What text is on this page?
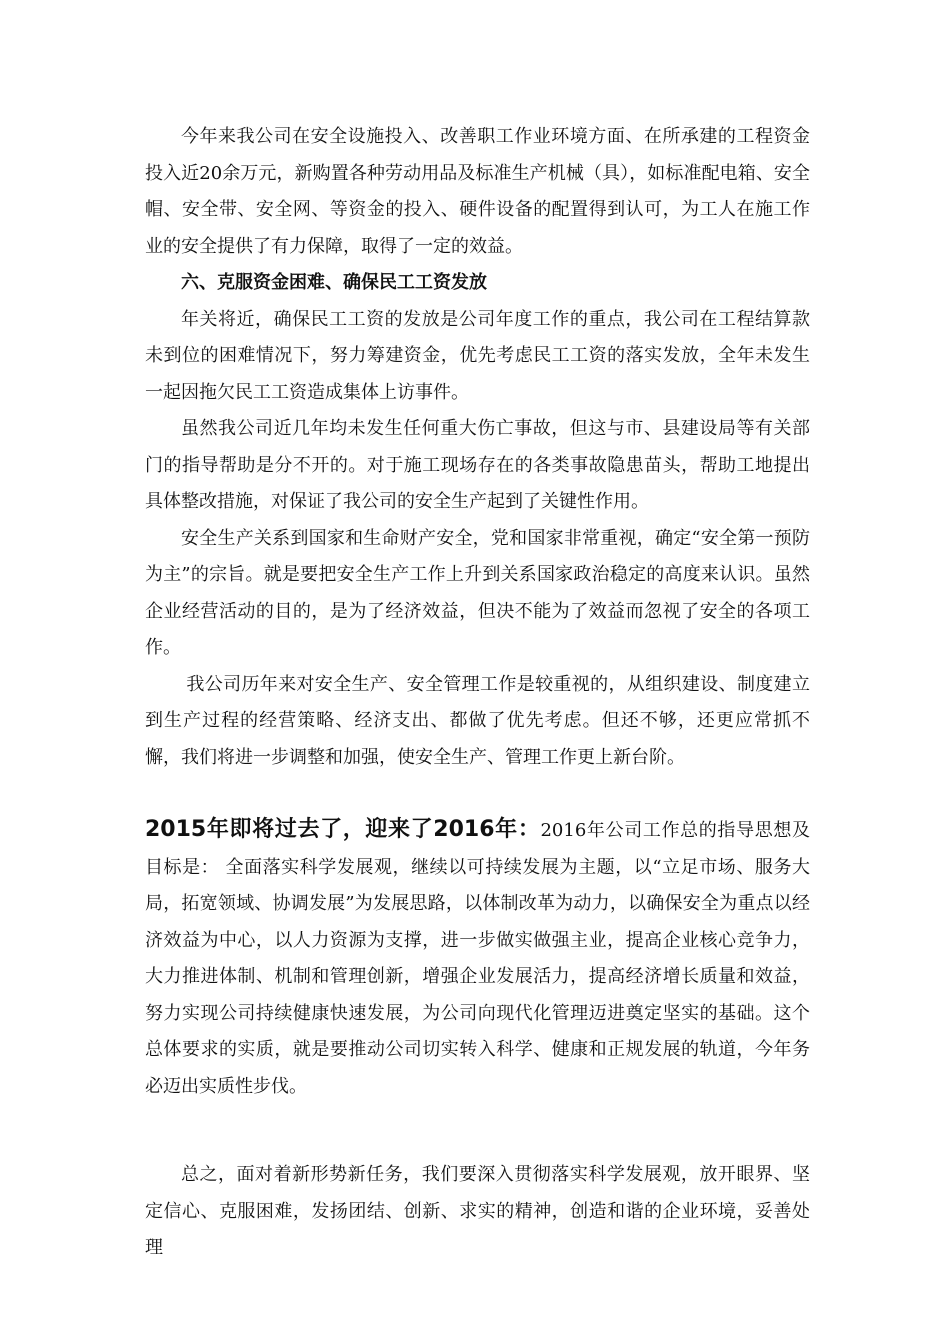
今年来我公司在安全设施投入、改善职工作业环境方面、在所承建的工程资金投入近20余万元，新购置各种劳动用品及标准生产机械（具），如标准配电箱、安全帽、安全带、安全网、等资金的投入、硬件设备的配置得到认可，为工人在施工作业的安全提供了有力保障，取得了一定的效益。

六、克服资金困难、确保民工工资发放

年关将近，确保民工工资的发放是公司年度工作的重点，我公司在工程结算款未到位的困难情况下，努力筹建资金，优先考虑民工工资的落实发放，全年未发生一起因拖欠民工工资造成集体上访事件。

虽然我公司近几年均未发生任何重大伤亡事故，但这与市、县建设局等有关部门的指导帮助是分不开的。对于施工现场存在的各类事故隐患苗头，帮助工地提出具体整改措施，对保证了我公司的安全生产起到了关键性作用。

安全生产关系到国家和生命财产安全，党和国家非常重视，确定“安全第一预防为主”的宗旨。就是要把安全生产工作上升到关系国家政治稳定的高度来认识。虽然企业经营活动的目的，是为了经济效益，但决不能为了效益而忽视了安全的各项工作。

我公司历年来对安全生产、安全管理工作是较重视的，从组织建设、制度建立到生产过程的经营策略、经济支出、都做了优先考虑。但还不够，还更应常抓不懈，我们将进一步调整和加强，使安全生产、管理工作更上新台阶。

2015年即将过去了，迎来了2016年：2016年公司工作总的指导思想及目标是： 全面落实科学发展观，继续以可持续发展为主题，以“立足市场、服务大局，拓宽领域、协调发展”为发展思路，以体制改革为动力，以确保安全为重点以经济效益为中心，以人力资源为支撑，进一步做实做强主业，提高企业核心竞争力，大力推进体制、机制和管理创新，增强企业发展活力，提高经济增长质量和效益，努力实现公司持续健康快速发展，为公司向现代化管理迈进奠定坚实的基础。这个总体要求的实质，就是要推动公司切实转入科学、健康和正规发展的轨道，今年务必迈出实质性步伐。

总之，面对着新形势新任务，我们要深入贯彻落实科学发展观，放开眼界、坚定信心、克服困难，发扬团结、创新、求实的精神，创造和谐的企业环境，妥善处理
